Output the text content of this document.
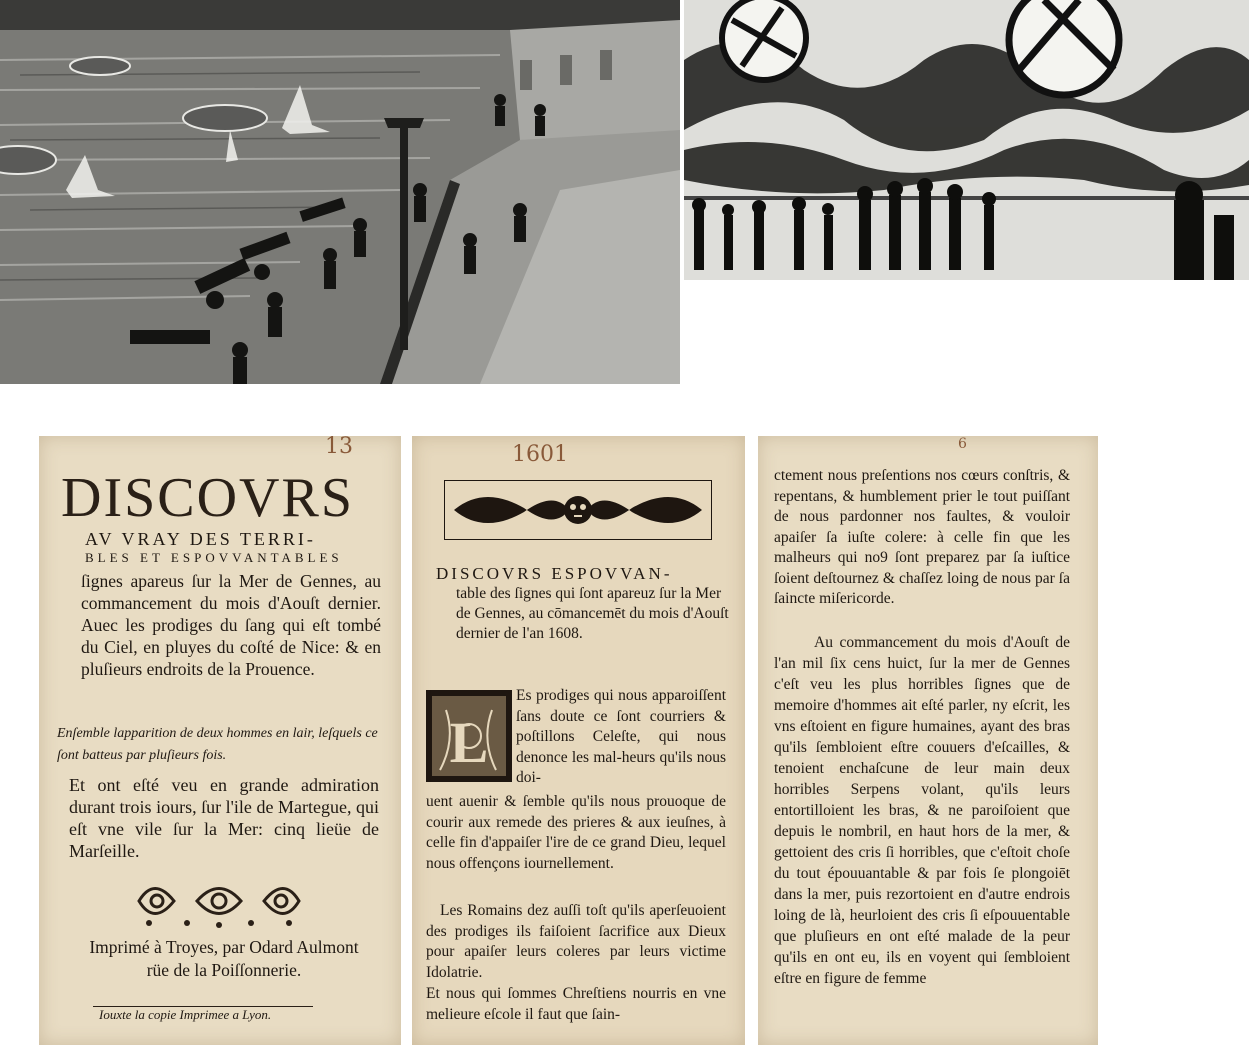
13
DISCOVRS
AV VRAY DES TERRI-
BLES ET ESPOVVANTABLES
ſignes apareus ſur la Mer de Gennes, au commancement du mois d'Aouſt dernier. Auec les prodiges du ſang qui eſt tombé du Ciel, en pluyes du coſté de Nice: & en pluſieurs endroits de la Prouence.
Enſemble lapparition de deux hommes en lair, leſquels ce ſont batteus par pluſieurs fois.
Et ont eſté veu en grande admiration durant trois iours, ſur l'ile de Martegue, qui eſt vne vile ſur la Mer: cinq lieüe de Marſeille.
Imprimé à Troyes, par Odard Aulmont rüe de la Poiſſonnerie.
Iouxte la copie Imprimee a Lyon.
1601
DISCOVRS ESPOVVAN-
table des ſignes qui ſont apareuz ſur la Mer de Gennes, au cōmancemēt du mois d'Aouſt dernier de l'an 1608.
L
Es prodiges qui nous apparoiſſent ſans doute ce ſont courriers & poſtillons Celeſte, qui nous denonce les mal-heurs qu'ils nous doi-
uent auenir & ſemble qu'ils nous prouoque de courir aux remede des prieres & aux ieuſnes, à celle fin d'appaiſer l'ire de ce grand Dieu, lequel nous offençons iournellement.
Les Romains dez auſſi toſt qu'ils aperſeuoient des prodiges ils faiſoient ſacrifice aux Dieux pour apaiſer leurs coleres par leurs victime Idolatrie.
Et nous qui ſommes Chreſtiens nourris en vne melieure eſcole il faut que ſain-
6
ctement nous preſentions nos cœurs conſtris, & repentans, & humblement prier le tout puiſſant de nous pardonner nos faultes, & vouloir apaiſer ſa iuſte colere: à celle fin que les malheurs qui no9 ſont preparez par ſa iuſtice ſoient deſtournez & chaſſez loing de nous par ſa ſaincte miſericorde.
Au commancement du mois d'Aouſt de l'an mil ſix cens huict, ſur la mer de Gennes c'eſt veu les plus horribles ſignes que de memoire d'hommes ait eſté parler, ny eſcrit, les vns eſtoient en figure humaines, ayant des bras qu'ils ſembloient eſtre couuers d'eſcailles, & tenoient enchaſcune de leur main deux horribles Serpens volant, qu'ils leurs entortilloient les bras, & ne paroiſoient que depuis le nombril, en haut hors de la mer, & gettoient des cris ſi horribles, que c'eſtoit choſe du tout épouuantable & par fois ſe plongoiēt dans la mer, puis rezortoient en d'autre endrois loing de là, heurloient des cris ſi eſpouuentable que pluſieurs en ont eſté malade de la peur qu'ils en ont eu, ils en voyent qui ſembloient eſtre en figure de femme
